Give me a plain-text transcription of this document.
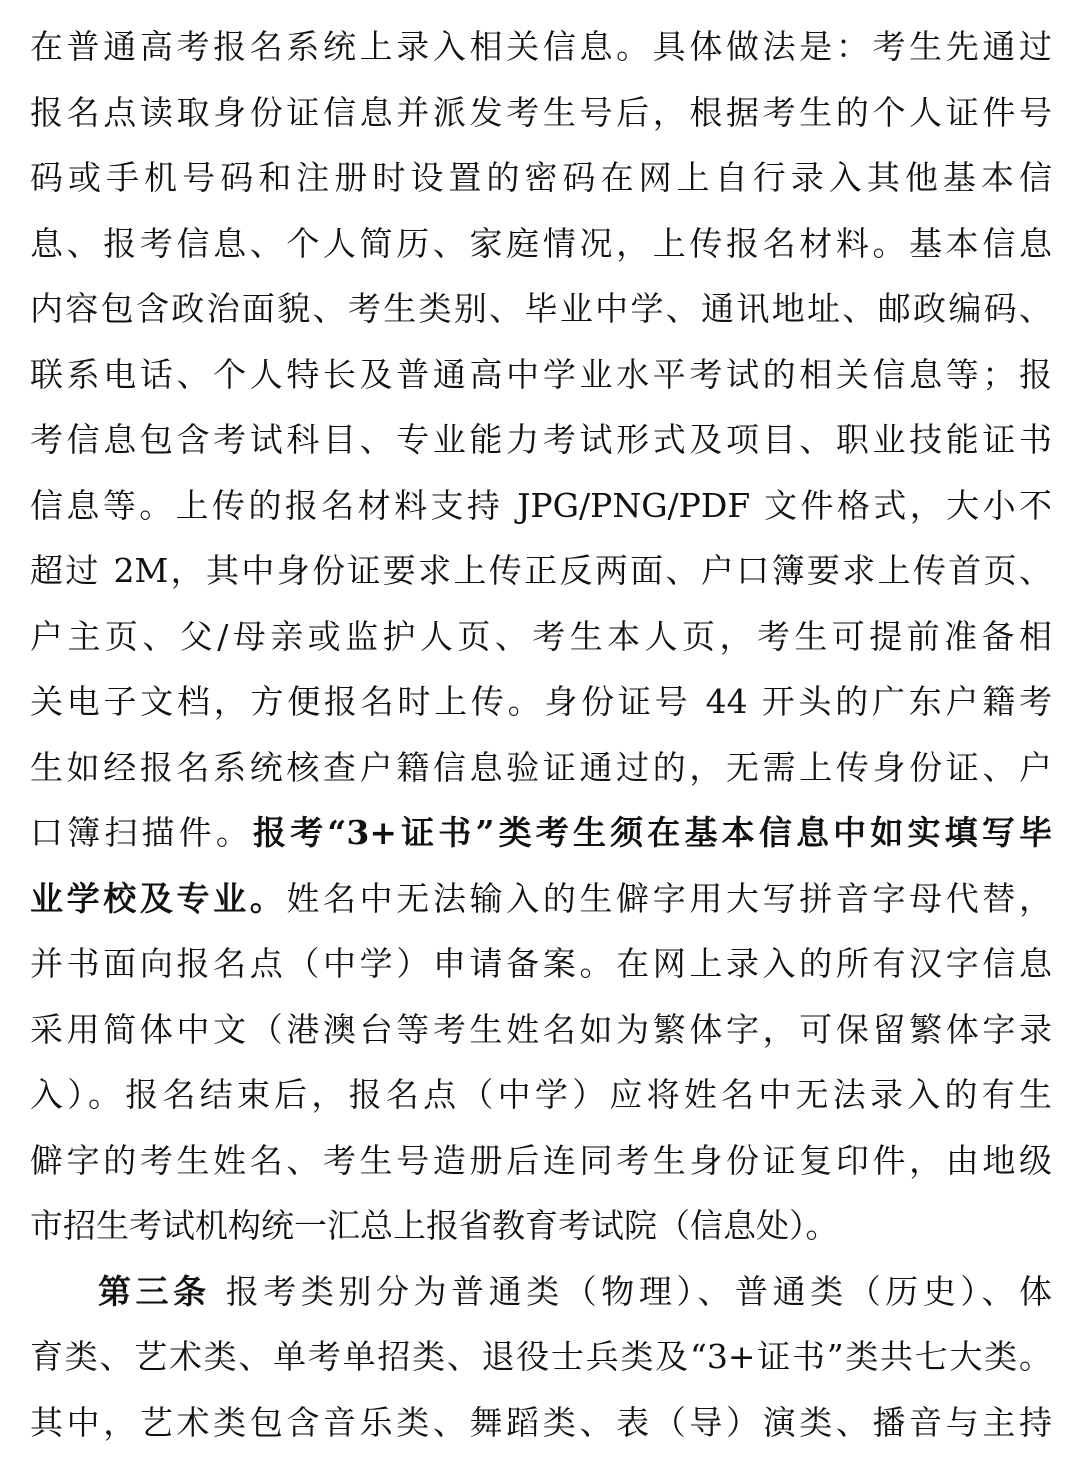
在普通高考报名系统上录入相关信息。具体做法是：考生先通过
报名点读取身份证信息并派发考生号后，根据考生的个人证件号
码或手机号码和注册时设置的密码在网上自行录入其他基本信
息、报考信息、个人简历、家庭情况，上传报名材料。基本信息
内容包含政治面貌、考生类别、毕业中学、通讯地址、邮政编码、
联系电话、个人特长及普通高中学业水平考试的相关信息等；报
考信息包含考试科目、专业能力考试形式及项目、职业技能证书
信息等。上传的报名材料支持 JPG/PNG/PDF 文件格式，大小不
超过 2M，其中身份证要求上传正反两面、户口簿要求上传首页、
户主页、父/母亲或监护人页、考生本人页，考生可提前准备相
关电子文档，方便报名时上传。身份证号 44 开头的广东户籍考
生如经报名系统核查户籍信息验证通过的，无需上传身份证、户
口簿扫描件。报考“3+证书”类考生须在基本信息中如实填写毕
业学校及专业。姓名中无法输入的生僻字用大写拼音字母代替，
并书面向报名点（中学）申请备案。在网上录入的所有汉字信息
采用简体中文（港澳台等考生姓名如为繁体字，可保留繁体字录
入）。报名结束后，报名点（中学）应将姓名中无法录入的有生
僻字的考生姓名、考生号造册后连同考生身份证复印件，由地级
市招生考试机构统一汇总上报省教育考试院（信息处）。
第三条 报考类别分为普通类（物理）、普通类（历史）、体
育类、艺术类、单考单招类、退役士兵类及“3+证书”类共七大类。
其中，艺术类包含音乐类、舞蹈类、表（导）演类、播音与主持
